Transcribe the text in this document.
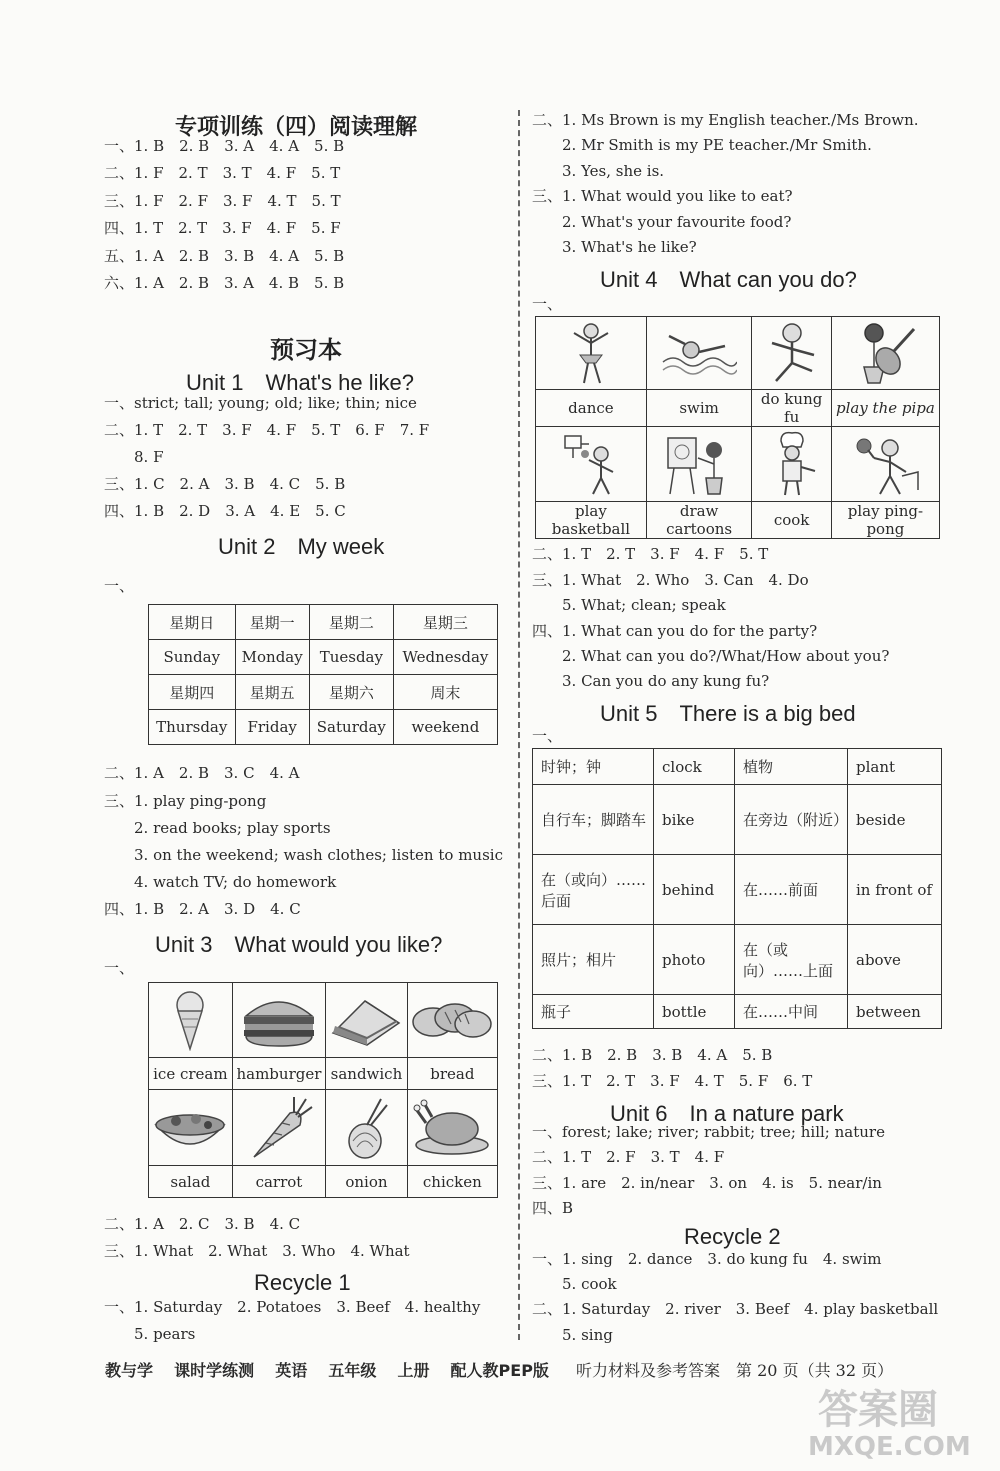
专项训练（四）阅读理解
一、1. B　2. B　3. A　4. A　5. B
二、1. F　2. T　3. T　4. F　5. T
三、1. F　2. F　3. F　4. T　5. T
四、1. T　2. T　3. F　4. F　5. F
五、1. A　2. B　3. B　4. A　5. B
六、1. A　2. B　3. A　4. B　5. B
预习本
Unit 1　What's he like?
一、strict; tall; young; old; like; thin; nice
二、1. T　2. T　3. F　4. F　5. T　6. F　7. F
　　8. F
三、1. C　2. A　3. B　4. C　5. B
四、1. B　2. D　3. A　4. E　5. C
Unit 2　My week
一、
星期日	星期一	星期二	星期三
Sunday	Monday	Tuesday	Wednesday
星期四	星期五	星期六	周末
Thursday	Friday	Saturday	weekend
二、1. A　2. B　3. C　4. A
三、1. play ping-pong
　　2. read books; play sports
　　3. on the weekend; wash clothes; listen to music
　　4. watch TV; do homework
四、1. B　2. A　3. D　4. C
Unit 3　What would you like?
一、

ice cream	hamburger	sandwich	bread

salad	carrot	onion	chicken
二、1. A　2. C　3. B　4. C
三、1. What　2. What　3. Who　4. What
Recycle 1
一、1. Saturday　2. Potatoes　3. Beef　4. healthy
　　5. pears
二、1. Ms Brown is my English teacher./Ms Brown.
　　2. Mr Smith is my PE teacher./Mr Smith.
　　3. Yes, she is.
三、1. What would you like to eat?
　　2. What's your favourite food?
　　3. What's he like?
Unit 4　What can you do?
一、

dance	swim	do kung fu	play the pipa

play basketball	draw cartoons	cook	play ping-pong
二、1. T　2. T　3. F　4. F　5. T
三、1. What　2. Who　3. Can　4. Do
　　5. What; clean; speak
四、1. What can you do for the party?
　　2. What can you do?/What/How about you?
　　3. Can you do any kung fu?
Unit 5　There is a big bed
一、
时钟；钟	clock	植物	plant
自行车；脚踏车	bike	在旁边（附近）	beside
在（或向）……后面	behind	在……前面	in front of
照片；相片	photo	在（或向）……上面	above
瓶子	bottle	在……中间	between
二、1. B　2. B　3. B　4. A　5. B
三、1. T　2. T　3. F　4. T　5. F　6. T
Unit 6　In a nature park
一、forest; lake; river; rabbit; tree; hill; nature
二、1. T　2. F　3. T　4. F
三、1. are　2. in/near　3. on　4. is　5. near/in
四、B
Recycle 2
一、1. sing　2. dance　3. do kung fu　4. swim
　　5. cook
二、1. Saturday　2. river　3. Beef　4. play basketball
　　5. sing
教与学 课时学练测 英语 五年级 上册 配人教PEP版 听力材料及参考答案　第 20 页（共 32 页）
答案圈
MXQE.COM
